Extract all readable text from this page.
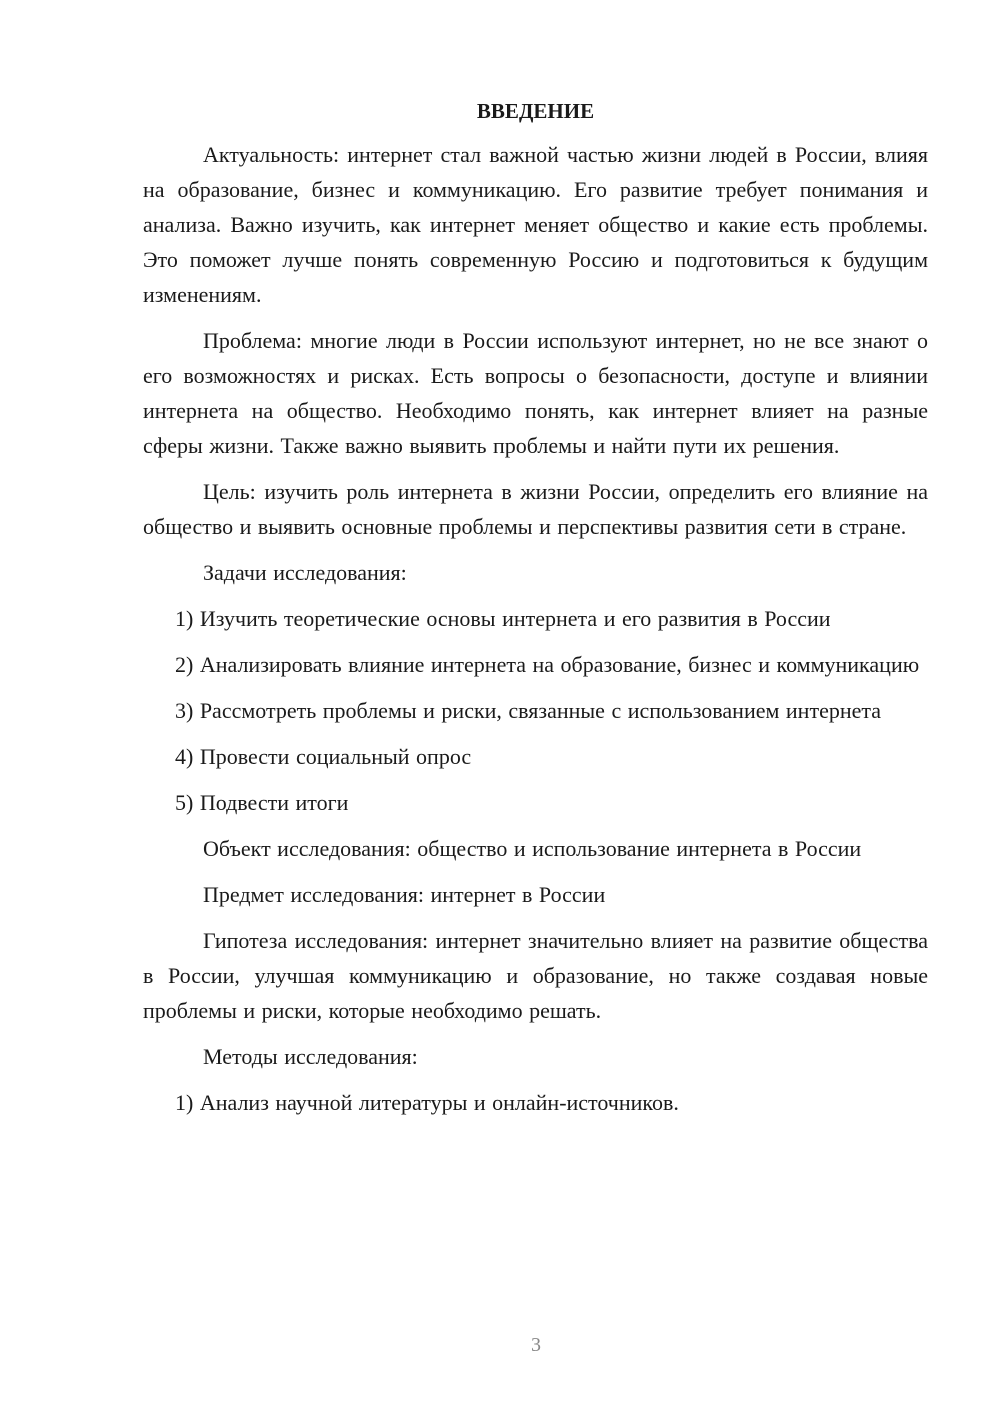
ВВЕДЕНИЕ

Актуальность: интернет стал важной частью жизни людей в России, влияя на образование, бизнес и коммуникацию. Его развитие требует понимания и анализа. Важно изучить, как интернет меняет общество и какие есть проблемы. Это поможет лучше понять современную Россию и подготовиться к будущим изменениям.

Проблема: многие люди в России используют интернет, но не все знают о его возможностях и рисках. Есть вопросы о безопасности, доступе и влиянии интернета на общество. Необходимо понять, как интернет влияет на разные сферы жизни. Также важно выявить проблемы и найти пути их решения.

Цель: изучить роль интернета в жизни России, определить его влияние на общество и выявить основные проблемы и перспективы развития сети в стране.

Задачи исследования:

1) Изучить теоретические основы интернета и его развития в России

2) Анализировать влияние интернета на образование, бизнес и коммуникацию

3) Рассмотреть проблемы и риски, связанные с использованием интернета

4) Провести социальный опрос

5) Подвести итоги

Объект исследования: общество и использование интернета в России

Предмет исследования: интернет в России

Гипотеза исследования: интернет значительно влияет на развитие общества в России, улучшая коммуникацию и образование, но также создавая новые проблемы и риски, которые необходимо решать.

Методы исследования:

1) Анализ научной литературы и онлайн-источников.

3
